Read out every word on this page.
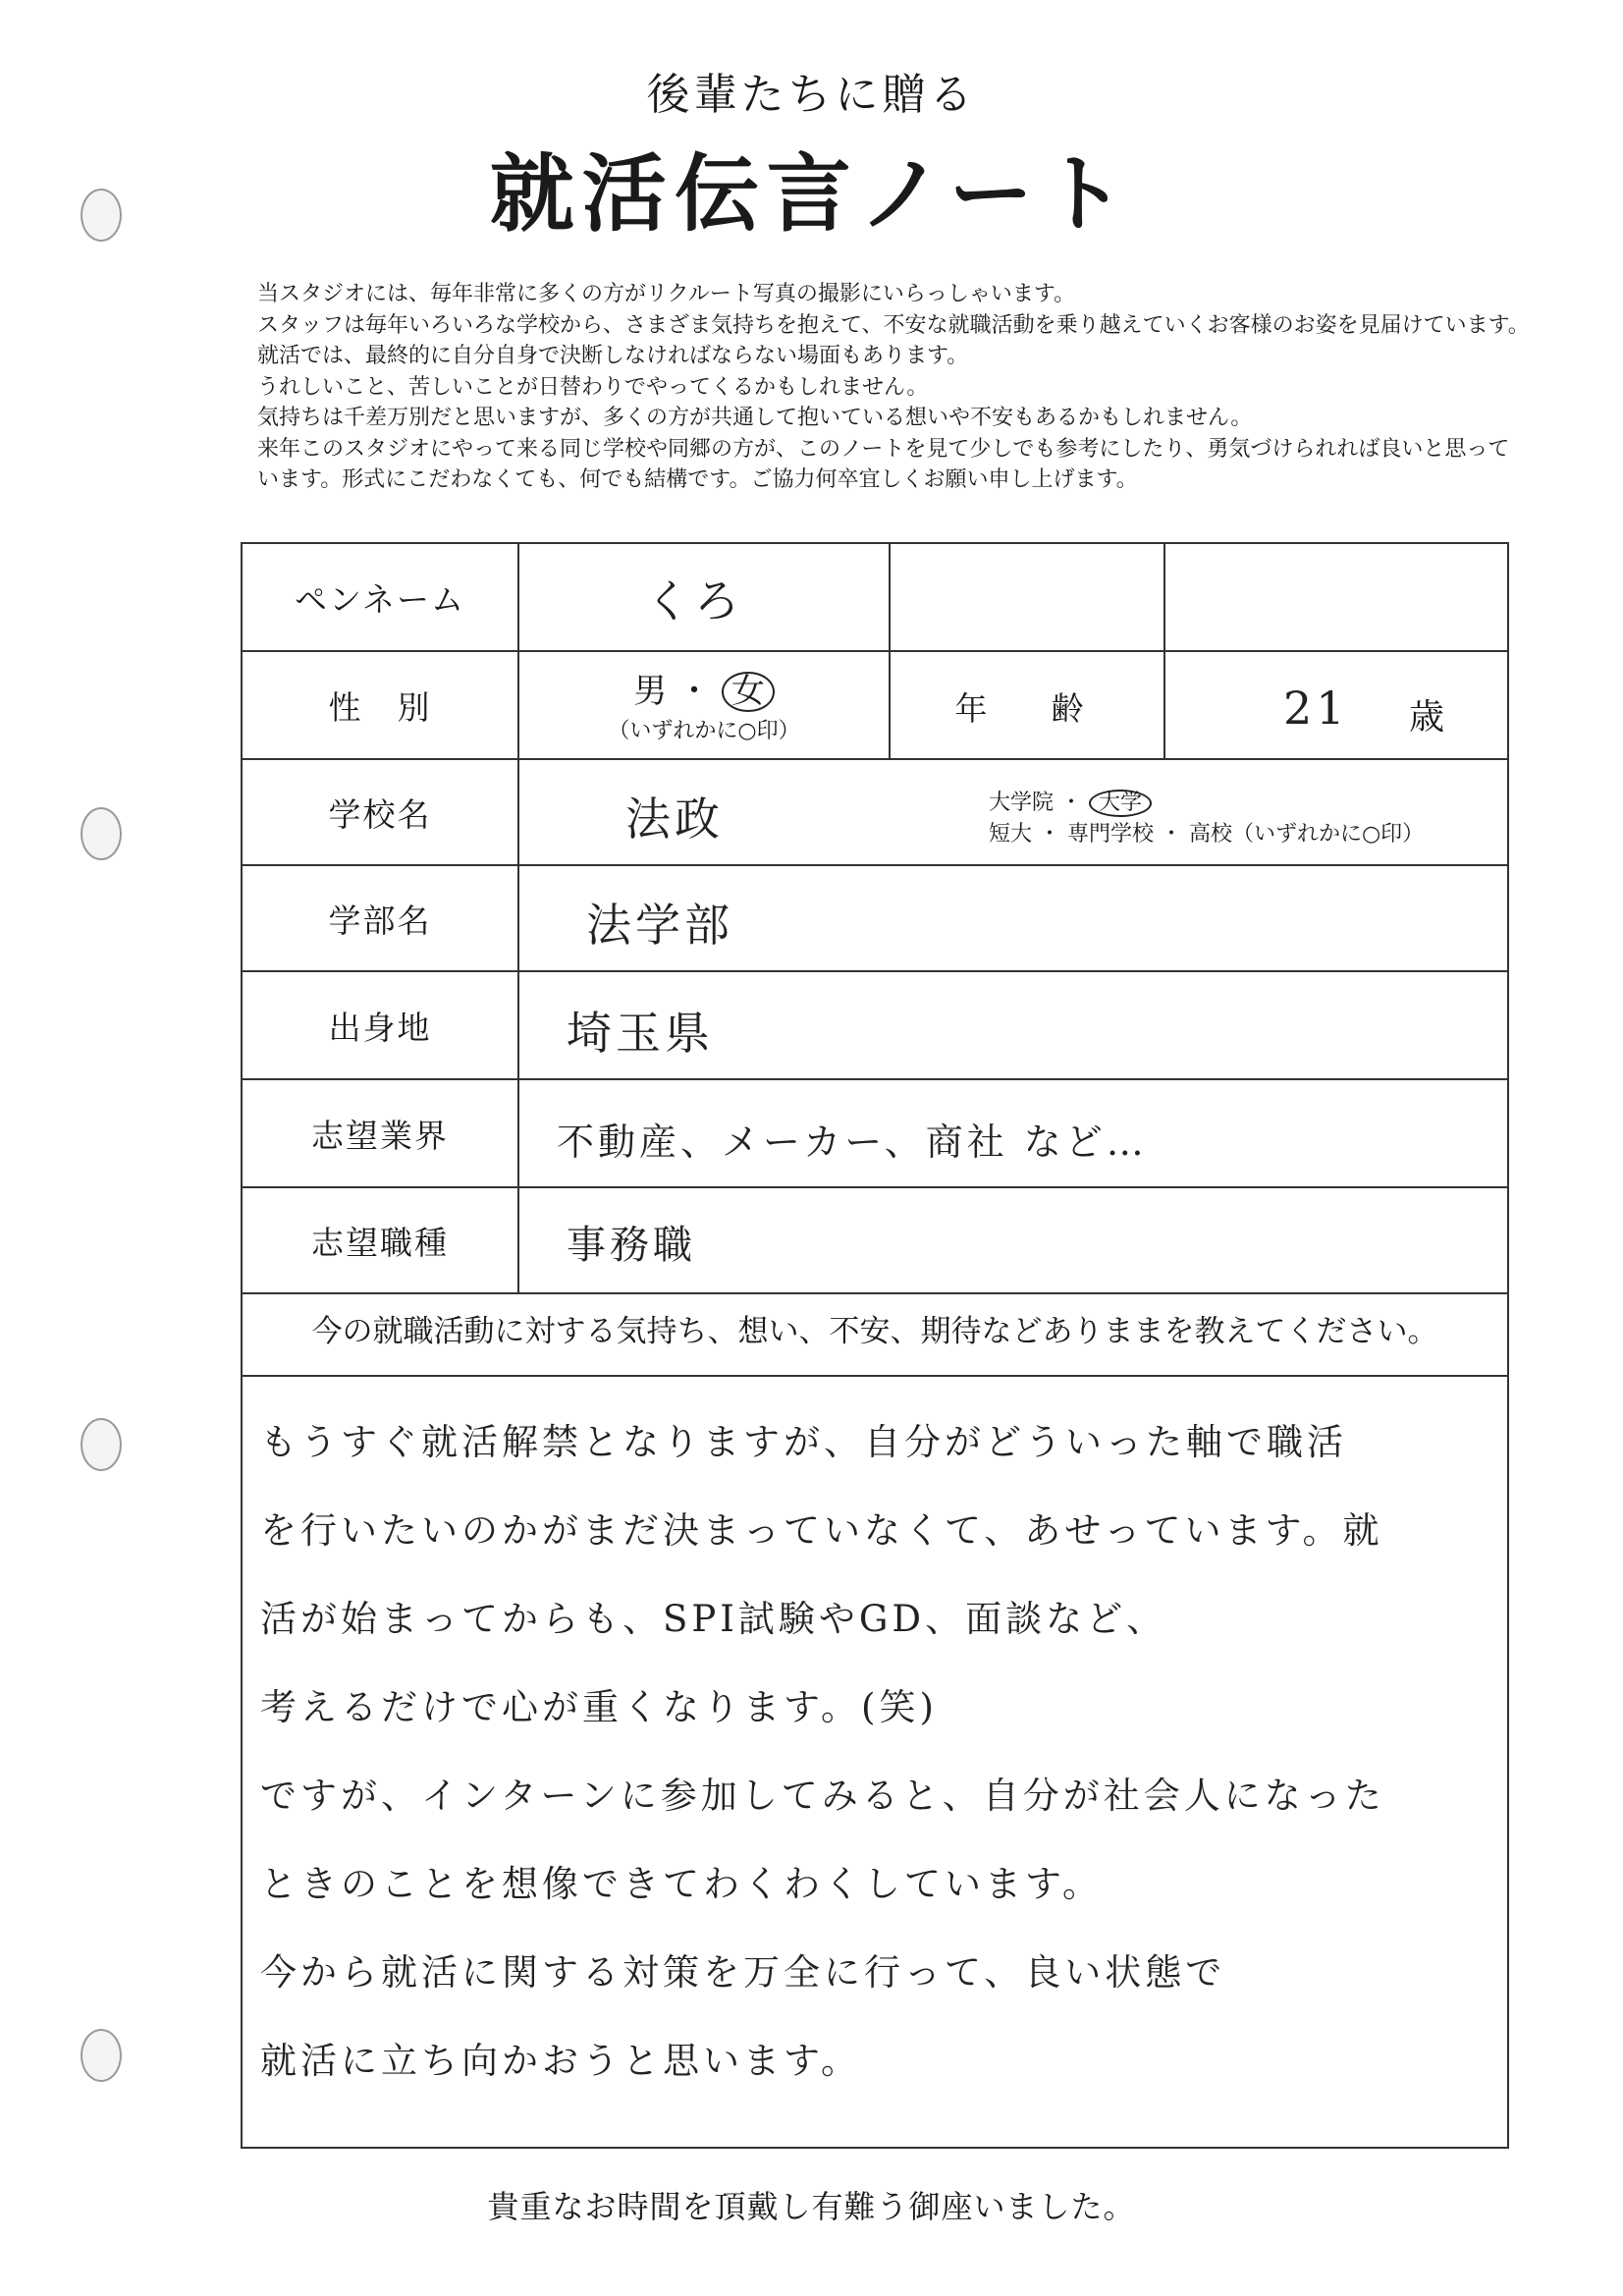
後輩たちに贈る
就活伝言ノート

当スタジオには、毎年非常に多くの方がリクルート写真の撮影にいらっしゃいます。
スタッフは毎年いろいろな学校から、さまざま気持ちを抱えて、不安な就職活動を乗り越えていくお客様のお姿を見届けています。
就活では、最終的に自分自身で決断しなければならない場面もあります。
うれしいこと、苦しいことが日替わりでやってくるかもしれません。
気持ちは千差万別だと思いますが、多くの方が共通して抱いている想いや不安もあるかもしれません。
来年このスタジオにやって来る同じ学校や同郷の方が、このノートを見て少しでも参考にしたり、勇気づけられれば良いと思って
います。形式にこだわなくても、何でも結構です。ご協力何卒宜しくお願い申し上げます。

ペンネーム	くろ
性　別	男 ・ 女
（いずれかに○印）
年　齢	21 歳
学校名	法政	大学院 ・ 大学
短大 ・ 専門学校 ・ 高校（いずれかに○印）
学部名	法学部
出身地	埼玉県
志望業界	不動産、メーカー、商社 など…
志望職種	事務職
今の就職活動に対する気持ち、想い、不安、期待などありままを教えてください。
もうすぐ就活解禁となりますが、自分がどういった軸で職活
を行いたいのかがまだ決まっていなくて、あせっています。就
活が始まってからも、SPI試験やGD、面談など、
考えるだけで心が重くなります。(笑)
ですが、インターンに参加してみると、自分が社会人になった
ときのことを想像できてわくわくしています。
今から就活に関する対策を万全に行って、良い状態で
就活に立ち向かおうと思います。
貴重なお時間を頂戴し有難う御座いました。
